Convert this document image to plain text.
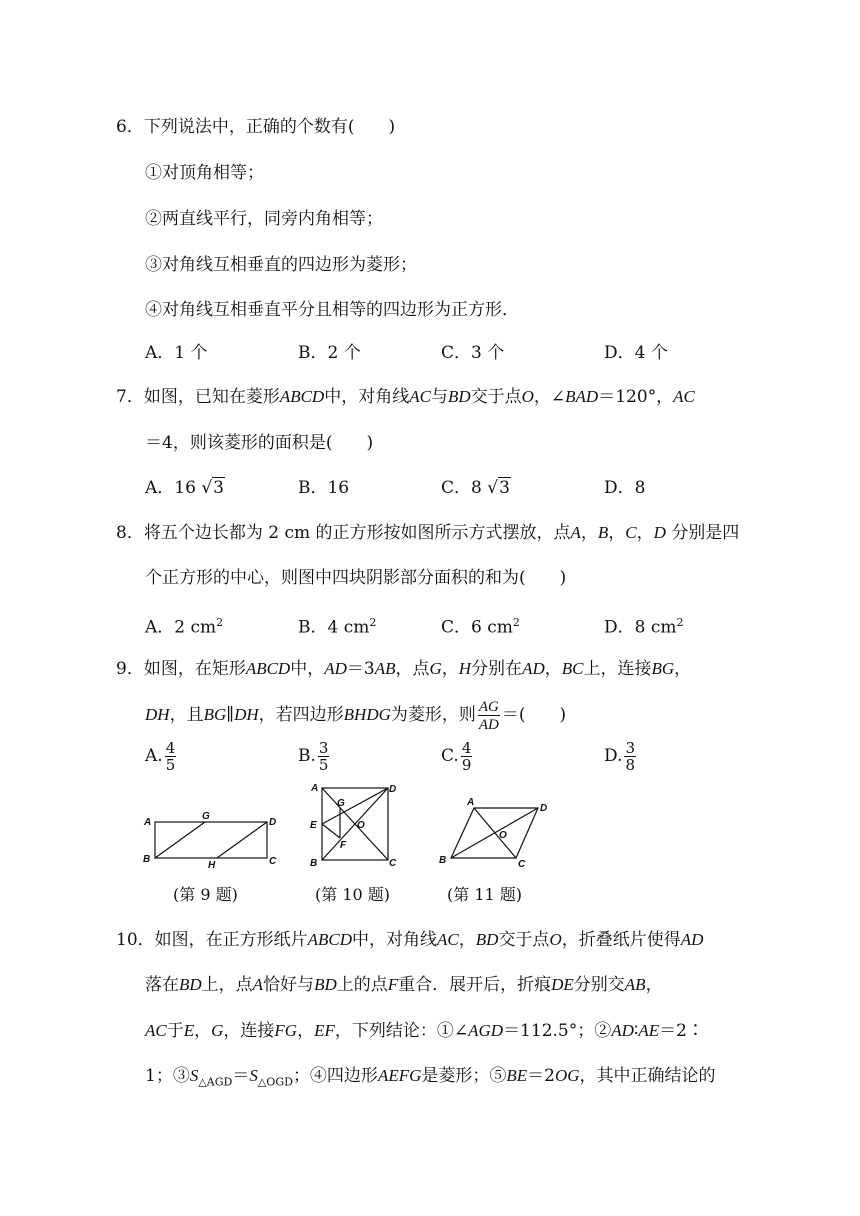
6．下列说法中，正确的个数有(　　)
①对顶角相等；
②两直线平行，同旁内角相等；
③对角线互相垂直的四边形为菱形；
④对角线互相垂直平分且相等的四边形为正方形．
A．1 个	B．2 个	C．3 个	D．4 个
7．如图，已知在菱形ABCD中，对角线AC与BD交于点O，∠BAD＝120°，AC
＝4，则该菱形的面积是(　　)
A．16 √3	B．16	C．8 √3	D．8
8．将五个边长都为 2 cm 的正方形按如图所示方式摆放，点A，B，C，D 分别是四
个正方形的中心，则图中四块阴影部分面积的和为(　　)
A．2 $cm^2$	B．4 $cm^2$	C．6 $cm^2$	D．8 $cm^2$
9．如图，在矩形ABCD中，AD＝3AB，点G，H分别在AD，BC上，连接BG，
DH，且BG∥DH，若四边形BHDG为菱形，则 $\frac{AG}{AD}$ ＝(　　)
A. $\frac{4}{5}$	B. $\frac{3}{5}$	C. $\frac{4}{9}$	D. $\frac{3}{8}$
A
G
D
B
H	C
A
G
D
E	O
F
B	C
A
D
O
B	C
(第 9 题)	(第 10 题)	(第 11 题)
10．如图，在正方形纸片ABCD中，对角线AC，BD交于点O，折叠纸片使得AD
落在BD上，点A恰好与BD上的点F重合．展开后，折痕DE分别交AB，
AC于E，G，连接FG，EF，下列结论：①∠AGD＝112.5°；②AD∶AE＝2∶
1；$③S_{\triangle AGD}=S_{\triangle OGD}$；④四边形AEFG是菱形；⑤BE＝2OG，其中正确结论的
